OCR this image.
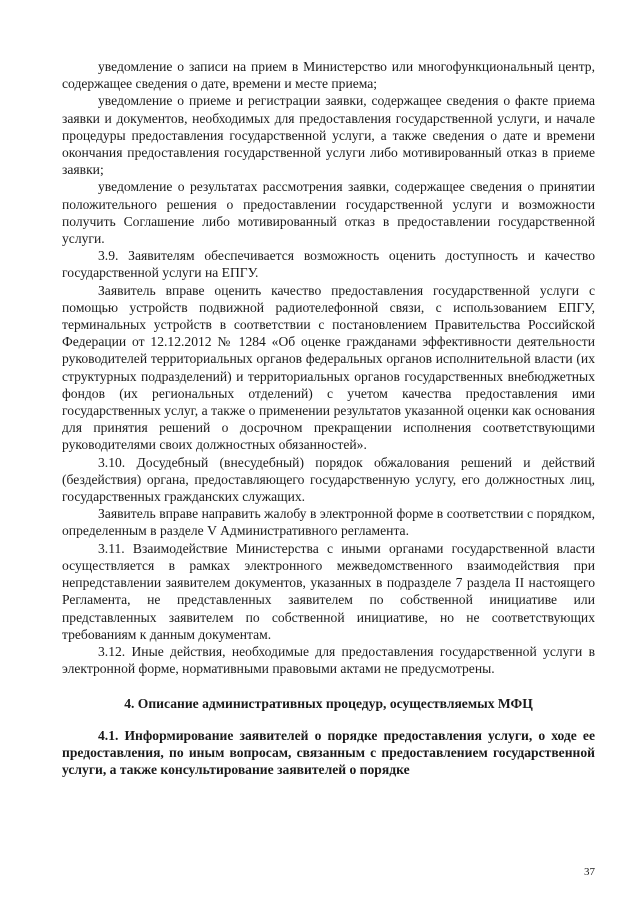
уведомление о записи на прием в Министерство или многофункциональный центр, содержащее сведения о дате, времени и месте приема;

уведомление о приеме и регистрации заявки, содержащее сведения о факте приема заявки и документов, необходимых для предоставления государственной услуги, и начале процедуры предоставления государственной услуги, а также сведения о дате и времени окончания предоставления государственной услуги либо мотивированный отказ в приеме заявки;

уведомление о результатах рассмотрения заявки, содержащее сведения о принятии положительного решения о предоставлении государственной услуги и возможности получить Соглашение либо мотивированный отказ в предоставлении государственной услуги.

3.9. Заявителям обеспечивается возможность оценить доступность и качество государственной услуги на ЕПГУ.

Заявитель вправе оценить качество предоставления государственной услуги с помощью устройств подвижной радиотелефонной связи, с использованием ЕПГУ, терминальных устройств в соответствии с постановлением Правительства Российской Федерации от 12.12.2012 № 1284 «Об оценке гражданами эффективности деятельности руководителей территориальных органов федеральных органов исполнительной власти (их структурных подразделений) и территориальных органов государственных внебюджетных фондов (их региональных отделений) с учетом качества предоставления ими государственных услуг, а также о применении результатов указанной оценки как основания для принятия решений о досрочном прекращении исполнения соответствующими руководителями своих должностных обязанностей».

3.10. Досудебный (внесудебный) порядок обжалования решений и действий (бездействия) органа, предоставляющего государственную услугу, его должностных лиц, государственных гражданских служащих.

Заявитель вправе направить жалобу в электронной форме в соответствии с порядком, определенным в разделе V Административного регламента.

3.11. Взаимодействие Министерства с иными органами государственной власти осуществляется в рамках электронного межведомственного взаимодействия при непредставлении заявителем документов, указанных в подразделе 7 раздела II настоящего Регламента, не представленных заявителем по собственной инициативе или представленных заявителем по собственной инициативе, но не соответствующих требованиям к данным документам.

3.12. Иные действия, необходимые для предоставления государственной услуги в электронной форме, нормативными правовыми актами не предусмотрены.

4. Описание административных процедур, осуществляемых МФЦ

4.1. Информирование заявителей о порядке предоставления услуги, о ходе ее предоставления, по иным вопросам, связанным с предоставлением государственной услуги, а также консультирование заявителей о порядке

37
